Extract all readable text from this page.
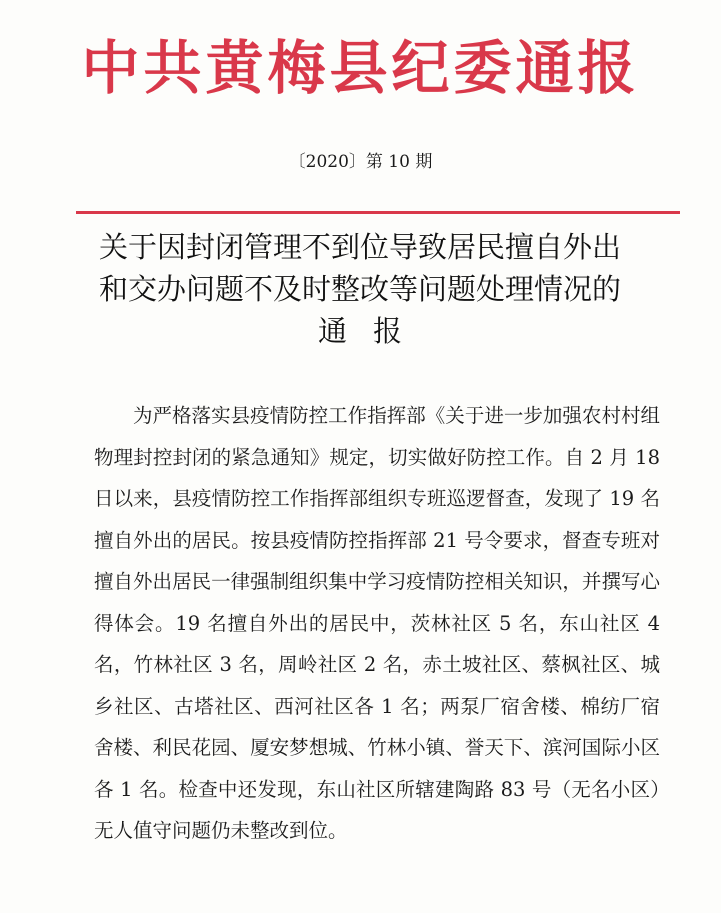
中共黄梅县纪委通报
〔2020〕第 10 期
关于因封闭管理不到位导致居民擅自外出
和交办问题不及时整改等问题处理情况的
通报
为严格落实县疫情防控工作指挥部《关于进一步加强农村村组物理封控封闭的紧急通知》规定，切实做好防控工作。自 2 月 18 日以来，县疫情防控工作指挥部组织专班巡逻督查，发现了 19 名擅自外出的居民。按县疫情防控指挥部 21 号令要求，督查专班对擅自外出居民一律强制组织集中学习疫情防控相关知识，并撰写心得体会。19 名擅自外出的居民中，茨林社区 5 名，东山社区 4 名，竹林社区 3 名，周岭社区 2 名，赤土坡社区、蔡枫社区、城乡社区、古塔社区、西河社区各 1 名；两泵厂宿舍楼、棉纺厂宿舍楼、利民花园、厦安梦想城、竹林小镇、誉天下、滨河国际小区各 1 名。检查中还发现，东山社区所辖建陶路 83 号（无名小区）无人值守问题仍未整改到位。
